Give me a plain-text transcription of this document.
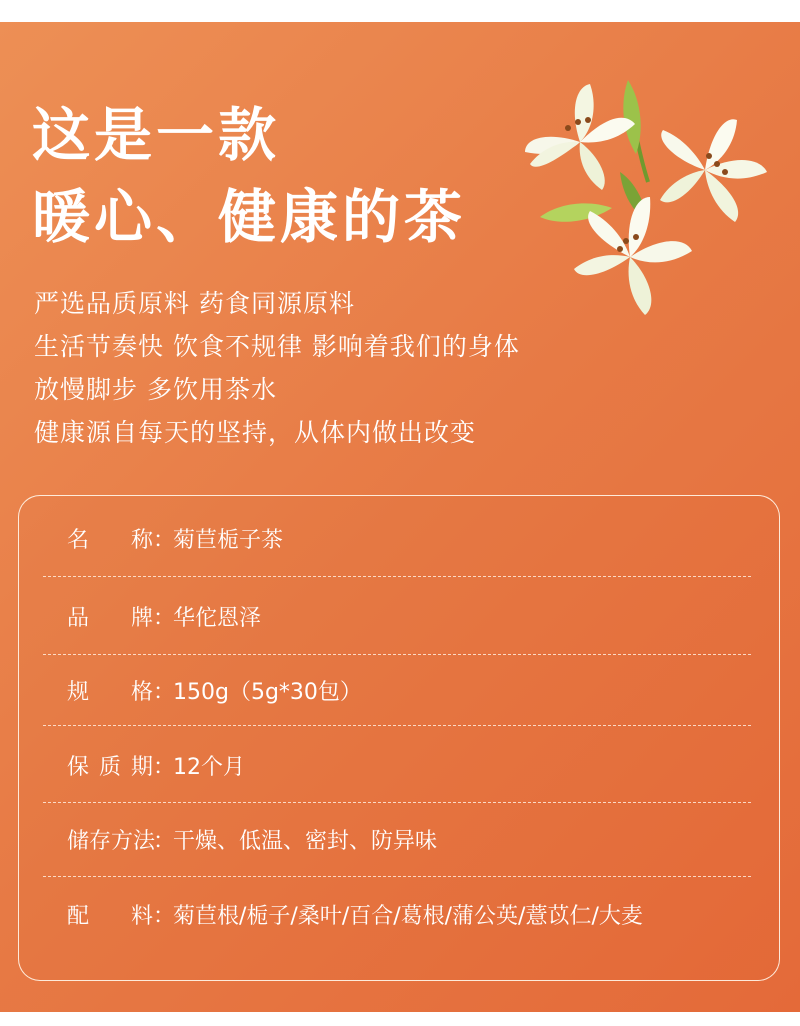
这是一款
暖心、健康的茶
严选品质原料 药食同源原料
生活节奏快 饮食不规律 影响着我们的身体
放慢脚步 多饮用茶水
健康源自每天的坚持，从体内做出改变
名称 ：
菊苣栀子茶
品牌 ：
华佗恩泽
规格 ：
150g（5g*30包）
保质期 ：
12个月
储存方法
：
干燥、低温、密封、防异味
配料 ：
菊苣根/栀子/桑叶/百合/葛根/蒲公英/薏苡仁/大麦
